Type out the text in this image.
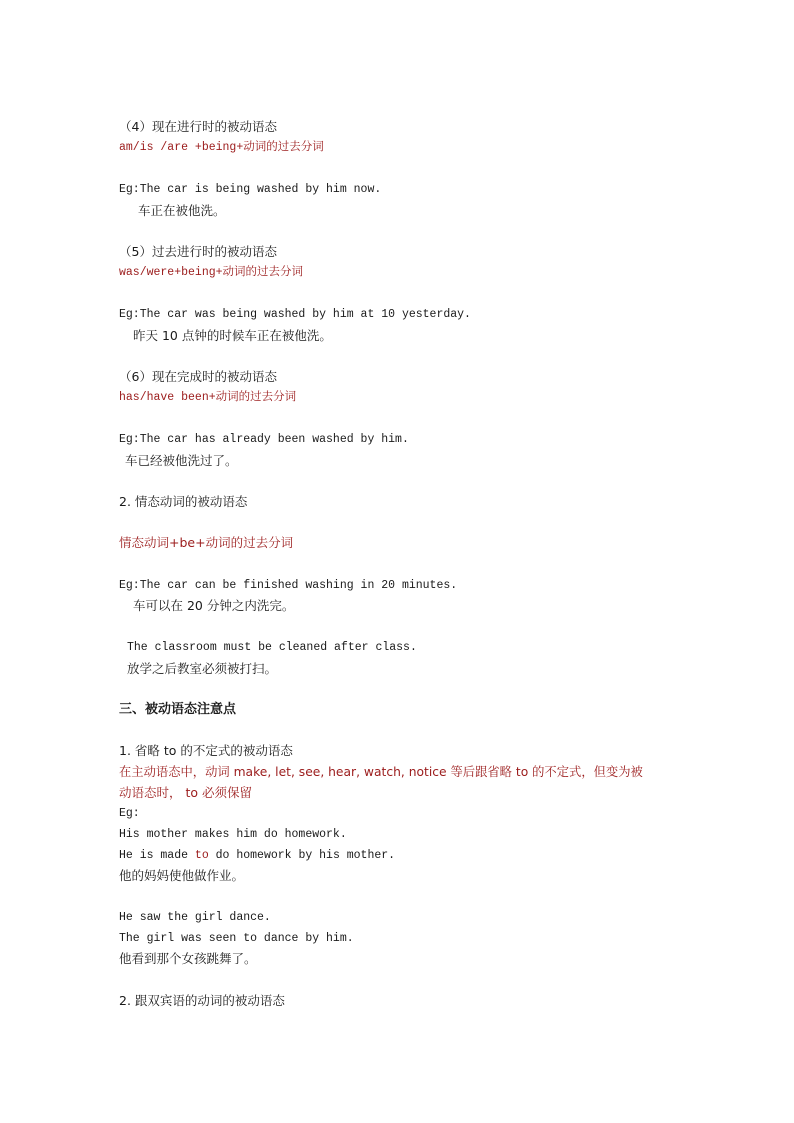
（4）现在进行时的被动语态
am/is /are +being+动词的过去分词
Eg:The car is being washed by him now.
车正在被他洗。
（5）过去进行时的被动语态
was/were+being+动词的过去分词
Eg:The car was being washed by him at 10 yesterday.
昨天 10 点钟的时候车正在被他洗。
（6）现在完成时的被动语态
has/have been+动词的过去分词
Eg:The car has already been washed by him.
车已经被他洗过了。
2. 情态动词的被动语态
情态动词+be+动词的过去分词
Eg:The car can be finished washing in 20 minutes.
车可以在 20 分钟之内洗完。
The classroom must be cleaned after class.
放学之后教室必须被打扫。
三、被动语态注意点
1. 省略 to 的不定式的被动语态
在主动语态中，动词 make, let, see, hear, watch, notice 等后跟省略 to 的不定式，但变为被
动语态时， to 必须保留
Eg:
His mother makes him do homework.
He is made to do homework by his mother.
他的妈妈使他做作业。
He saw the girl dance.
The girl was seen to dance by him.
他看到那个女孩跳舞了。
2. 跟双宾语的动词的被动语态
